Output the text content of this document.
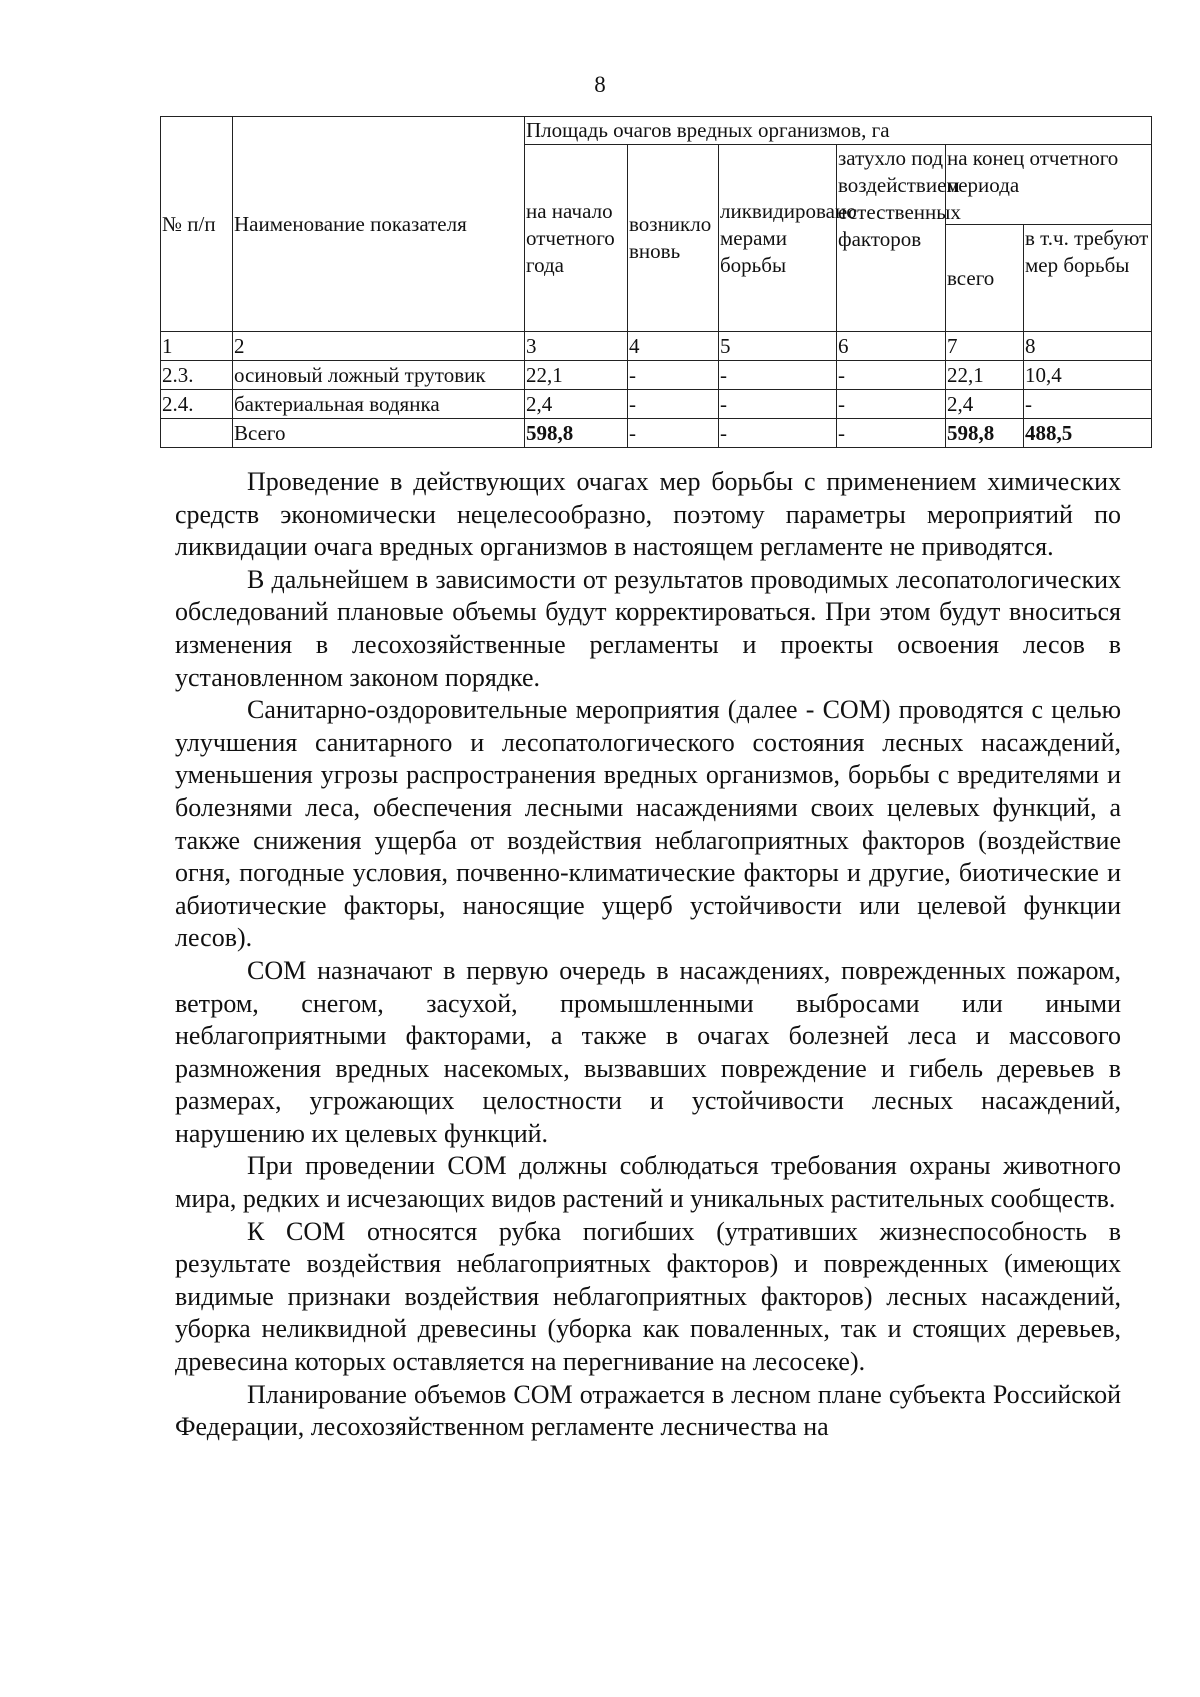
8
№ п/п	Наименование показателя	Площадь очагов вредных организмов, га					
		на начало отчетного года	возникло вновь	ликвидировано мерами борьбы	затухло под воздействием естественных факторов	на конец отчетного периода	
						всего	в т.ч. требуют мер борьбы
1	2	3	4	5	6	7	8
2.3.	осиновый ложный трутовик	22,1	-	-	-	22,1	10,4
2.4.	бактериальная водянка	2,4	-	-	-	2,4	-
	Всего	598,8	-	-	-	598,8	488,5

Проведение в действующих очагах мер борьбы с применением химических средств экономически нецелесообразно, поэтому параметры мероприятий по ликвидации очага вредных организмов в настоящем регламенте не приводятся.

В дальнейшем в зависимости от результатов проводимых лесопатологических обследований плановые объемы будут корректироваться. При этом будут вноситься изменения в лесохозяйственные регламенты и проекты освоения лесов в установленном законом порядке.

Санитарно-оздоровительные мероприятия (далее - СОМ) проводятся с целью улучшения санитарного и лесопатологического состояния лесных насаждений, уменьшения угрозы распространения вредных организмов, борьбы с вредителями и болезнями леса, обеспечения лесными насаждениями своих целевых функций, а также снижения ущерба от воздействия неблагоприятных факторов (воздействие огня, погодные условия, почвенно-климатические факторы и другие, биотические и абиотические факторы, наносящие ущерб устойчивости или целевой функции лесов).

СОМ назначают в первую очередь в насаждениях, поврежденных пожаром, ветром, снегом, засухой, промышленными выбросами или иными неблагоприятными факторами, а также в очагах болезней леса и массового размножения вредных насекомых, вызвавших повреждение и гибель деревьев в размерах, угрожающих целостности и устойчивости лесных насаждений, нарушению их целевых функций.

При проведении СОМ должны соблюдаться требования охраны животного мира, редких и исчезающих видов растений и уникальных растительных сообществ.

К СОМ относятся рубка погибших (утративших жизнеспособность в результате воздействия неблагоприятных факторов) и поврежденных (имеющих видимые признаки воздействия неблагоприятных факторов) лесных насаждений, уборка неликвидной древесины (уборка как поваленных, так и стоящих деревьев, древесина которых оставляется на перегнивание на лесосеке).

Планирование объемов СОМ отражается в лесном плане субъекта Российской Федерации, лесохозяйственном регламенте лесничества на
